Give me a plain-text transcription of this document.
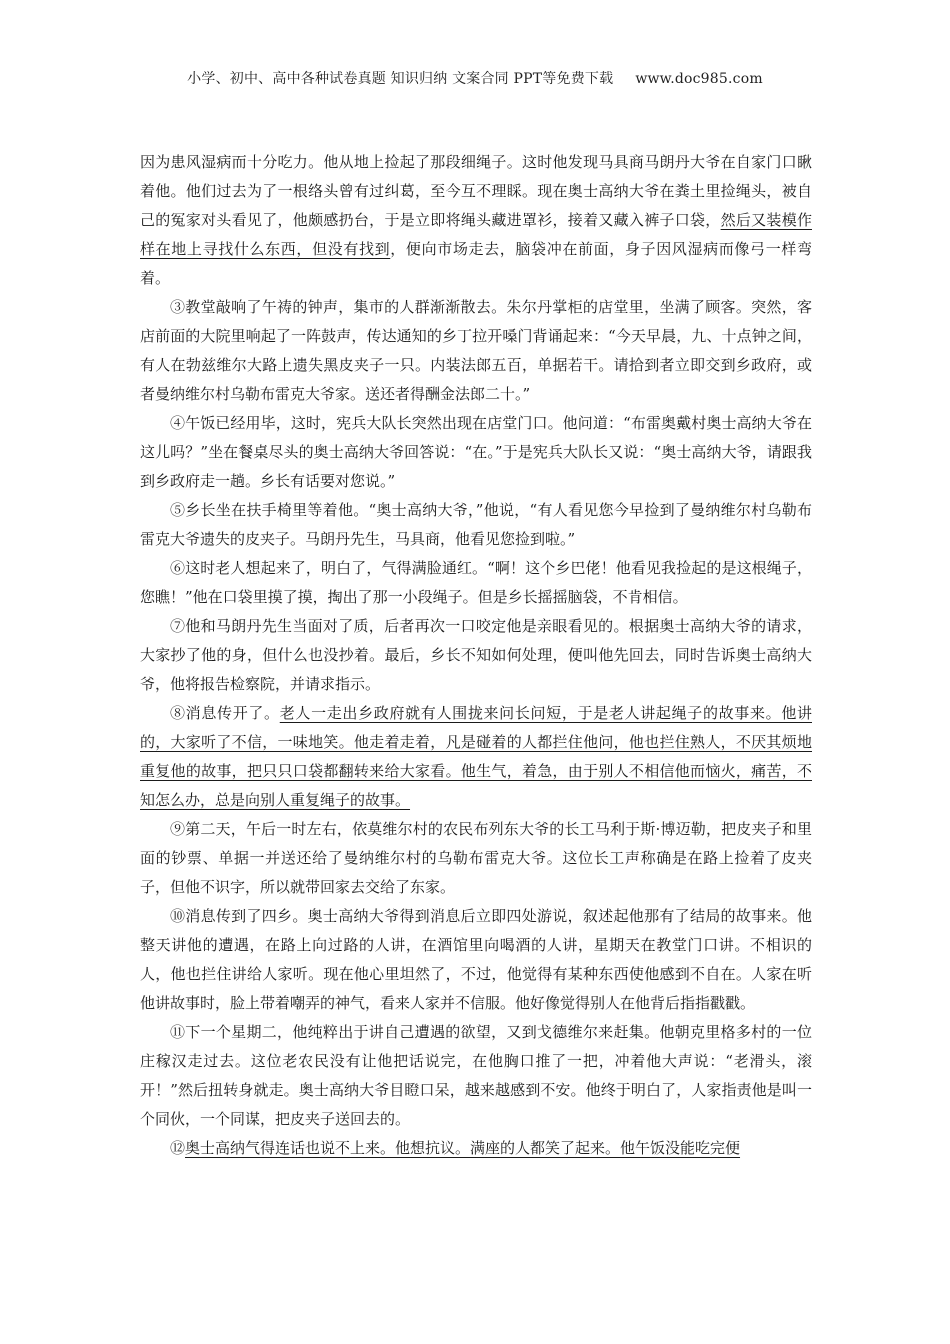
小学、初中、高中各种试卷真题 知识归纳 文案合同 PPT等免费下载 www.doc985.com

因为患风湿病而十分吃力。他从地上捡起了那段细绳子。这时他发现马具商马朗丹大爷在自家门口瞅着他。他们过去为了一根络头曾有过纠葛，至今互不理睬。现在奥士高纳大爷在粪土里捡绳头，被自己的冤家对头看见了，他颇感扔台，于是立即将绳头藏进罩衫，接着又藏入裤子口袋，然后又装模作样在地上寻找什么东西，但没有找到，便向市场走去，脑袋冲在前面，身子因风湿病而像弓一样弯着。

③教堂敲响了午祷的钟声，集市的人群渐渐散去。朱尔丹掌柜的店堂里，坐满了顾客。突然，客店前面的大院里响起了一阵鼓声，传达通知的乡丁拉开嗓门背诵起来：“今天早晨，九、十点钟之间，有人在勃兹维尔大路上遗失黑皮夹子一只。内装法郎五百，单据若干。请拾到者立即交到乡政府，或者曼纳维尔村乌勒布雷克大爷家。送还者得酬金法郎二十。”

④午饭已经用毕，这时，宪兵大队长突然出现在店堂门口。他问道：“布雷奥戴村奥士高纳大爷在这儿吗？”坐在餐桌尽头的奥士高纳大爷回答说：“在。”于是宪兵大队长又说：“奥士高纳大爷，请跟我到乡政府走一趟。乡长有话要对您说。”

⑤乡长坐在扶手椅里等着他。“奥士高纳大爷，”他说，“有人看见您今早捡到了曼纳维尔村乌勒布雷克大爷遗失的皮夹子。马朗丹先生，马具商，他看见您捡到啦。”

⑥这时老人想起来了，明白了，气得满脸通红。“啊！这个乡巴佬！他看见我捡起的是这根绳子，您瞧！”他在口袋里摸了摸，掏出了那一小段绳子。但是乡长摇摇脑袋，不肯相信。

⑦他和马朗丹先生当面对了质，后者再次一口咬定他是亲眼看见的。根据奥士高纳大爷的请求，大家抄了他的身，但什么也没抄着。最后，乡长不知如何处理，便叫他先回去，同时告诉奥士高纳大爷，他将报告检察院，并请求指示。

⑧消息传开了。老人一走出乡政府就有人围拢来问长问短，于是老人讲起绳子的故事来。他讲的，大家听了不信，一味地笑。他走着走着，凡是碰着的人都拦住他问，他也拦住熟人，不厌其烦地重复他的故事，把只只口袋都翻转来给大家看。他生气，着急，由于别人不相信他而恼火，痛苦，不知怎么办，总是向别人重复绳子的故事。

⑨第二天，午后一时左右，依莫维尔村的农民布列东大爷的长工马利于斯·博迈勒，把皮夹子和里面的钞票、单据一并送还给了曼纳维尔村的乌勒布雷克大爷。这位长工声称确是在路上捡着了皮夹子，但他不识字，所以就带回家去交给了东家。

⑩消息传到了四乡。奥士高纳大爷得到消息后立即四处游说，叙述起他那有了结局的故事来。他整天讲他的遭遇，在路上向过路的人讲，在酒馆里向喝酒的人讲，星期天在教堂门口讲。不相识的人，他也拦住讲给人家听。现在他心里坦然了，不过，他觉得有某种东西使他感到不自在。人家在听他讲故事时，脸上带着嘲弄的神气，看来人家并不信服。他好像觉得别人在他背后指指戳戳。

⑪下一个星期二，他纯粹出于讲自己遭遇的欲望，又到戈德维尔来赶集。他朝克里格多村的一位庄稼汉走过去。这位老农民没有让他把话说完，在他胸口推了一把，冲着他大声说：“老滑头，滚开！”然后扭转身就走。奥士高纳大爷目瞪口呆，越来越感到不安。他终于明白了，人家指责他是叫一个同伙，一个同谋，把皮夹子送回去的。

⑫奥士高纳气得连话也说不上来。他想抗议。满座的人都笑了起来。他午饭没能吃完便
